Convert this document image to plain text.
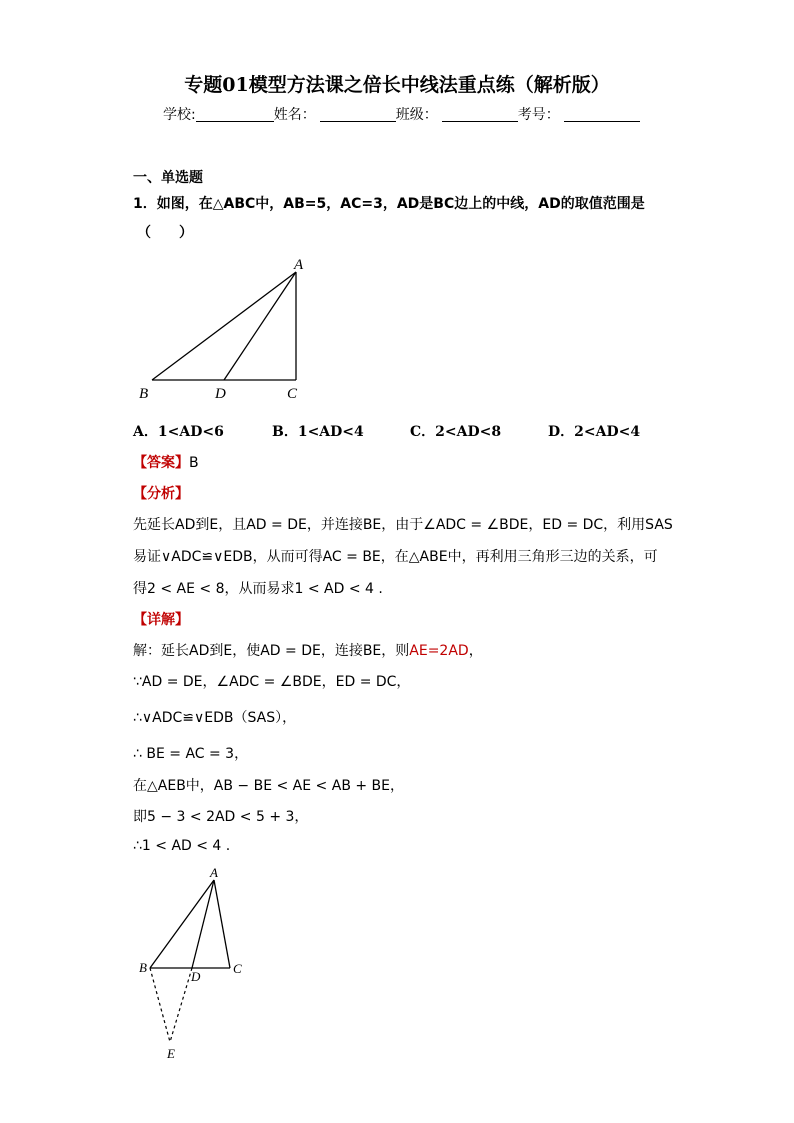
专题01模型方法课之倍长中线法重点练（解析版）
学校:	姓名：	班级：	考号：
一、单选题
1．如图，在△ABC中，AB=5，AC=3，AD是BC边上的中线，AD的取值范围是
（　　）
A
B	D	C
A．1<AD<6	B．1<AD<4	C．2<AD<8	D．2<AD<4
【答案】B
【分析】
先延长AD到E，且AD = DE，并连接BE，由于∠ADC = ∠BDE，ED = DC，利用SAS
易证∨ADC≌∨EDB，从而可得AC = BE，在△ABE中，再利用三角形三边的关系，可
得2 < AE < 8，从而易求1 < AD < 4 .
【详解】
解：延长AD到E，使AD = DE，连接BE，则AE=2AD，
∵AD = DE，∠ADC = ∠BDE，ED = DC，
∴∨ADC≌∨EDB（SAS），
∴ BE = AC = 3，
在△AEB中，AB − BE < AE < AB + BE，
即5 − 3 < 2AD < 5 + 3，
∴1 < AD < 4 .
A
B
D
C
E
